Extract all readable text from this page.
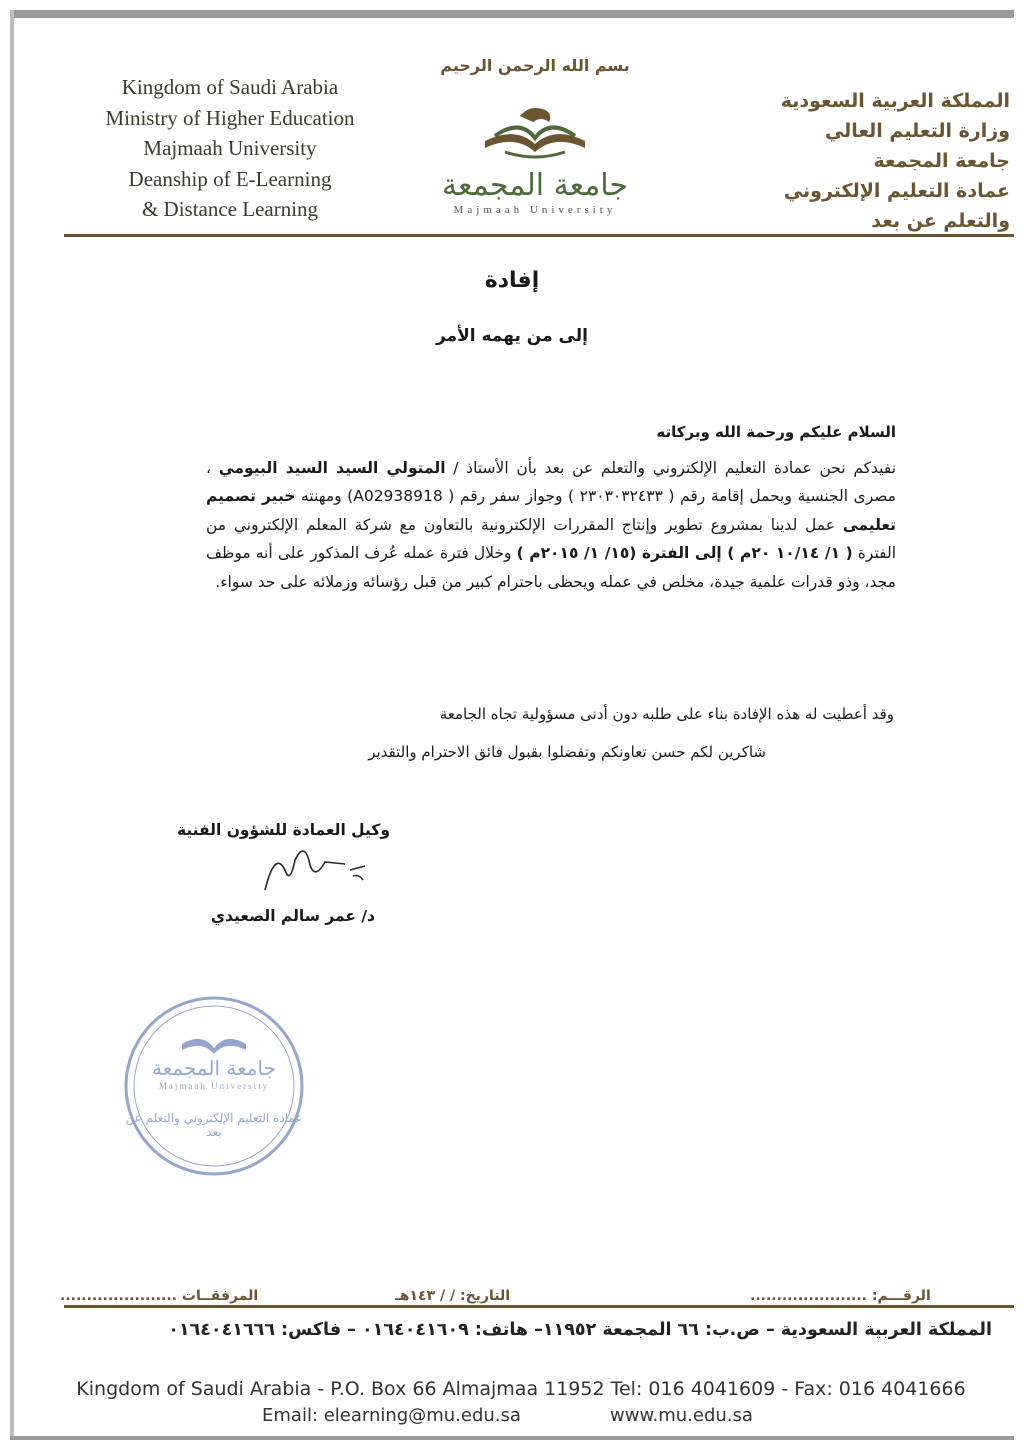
Kingdom of Saudi Arabia
Ministry of Higher Education
Majmaah University
Deanship of E-Learning
& Distance Learning
بسم الله الرحمن الرحيم
جامعة المجمعة
Majmaah University
المملكة العربية السعودية
وزارة التعليم العالي
جامعة المجمعة
عمادة التعليم الإلكتروني
والتعلم عن بعد
إفادة
إلى من يهمه الأمر
السلام عليكم ورحمة الله وبركاته
نفيدكم نحن عمادة التعليم الإلكتروني والتعلم عن بعد بأن الأستاذ / المتولي السيد السيد البيومي ، مصرى الجنسية ويحمل إقامة رقم ( ٢٣٠٣٠٣٢٤٣٣ ) وجواز سفر رقم ( A02938918) ومهنته خبير تصميم تعليمى عمل لدينا بمشروع تطوير وإنتاج المقررات الإلكترونية بالتعاون مع شركة المعلم الإلكتروني من الفترة ( ١/ ١٠/١٤ ٢٠م ) إلى الفترة (١٥/ ١/ ٢٠١٥م ) وخلال فترة عمله عُرف المذكور على أنه موظف مجد، وذو قدرات علمية جيدة، مخلص في عمله ويحظى باحترام كبير من قبل رؤسائه وزملائه على حد سواء.
وقد أعطيت له هذه الإفادة بناء على طلبه دون أدنى مسؤولية تجاه الجامعة
شاكرين لكم حسن تعاونكم وتفضلوا بقبول فائق الاحترام والتقدير
وكيل العمادة للشؤون الفنية
د/ عمر سالم الصعيدي
جامعة المجمعة
Majmaah University
عمادة التعليم الإلكتروني والتعلم عن بعد
المرفقــات ......................	التاريخ: / / ١٤٣هـ	الرقـــم: ......................
المملكة العربية السعودية – ص.ب: ٦٦ المجمعة ١١٩٥٢– هاتف: ٠١٦٤٠٤١٦٠٩ – فاكس: ٠١٦٤٠٤١٦٦٦
Kingdom of Saudi Arabia - P.O. Box 66 Almajmaa 11952 Tel: 016 4041609 - Fax: 016 4041666
Email: elearning@mu.edu.sa	www.mu.edu.sa
